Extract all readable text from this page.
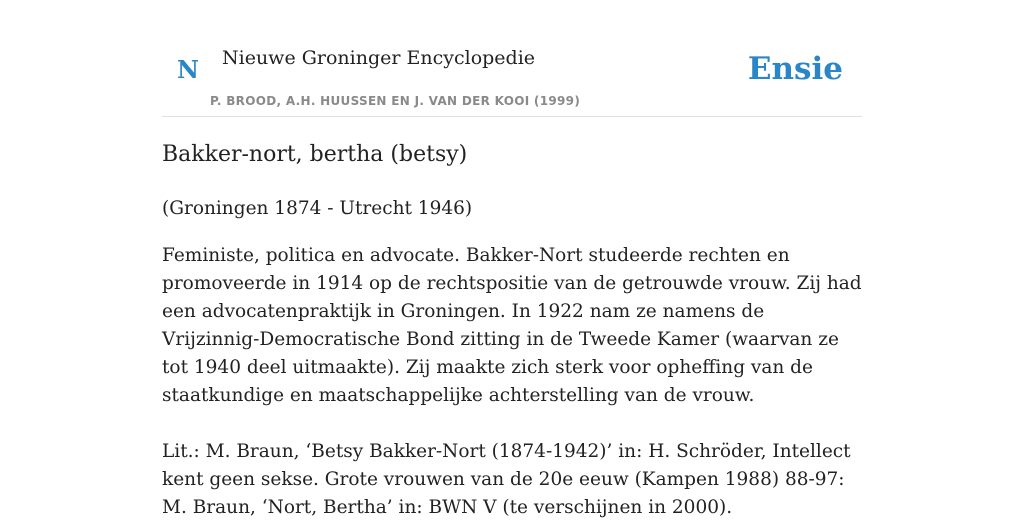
N Nieuwe Groninger Encyclopedie
P. BROOD, A.H. HUUSSEN EN J. VAN DER KOOI (1999)
Ensie
Bakker-nort, bertha (betsy)

(Groningen 1874 - Utrecht 1946)

Feministe, politica en advocate. Bakker-Nort studeerde rechten en promoveerde in 1914 op de rechtspositie van de getrouwde vrouw. Zij had een advocatenpraktijk in Groningen. In 1922 nam ze namens de Vrijzinnig-Democratische Bond zitting in de Tweede Kamer (waarvan ze tot 1940 deel uitmaakte). Zij maakte zich sterk voor opheffing van de staatkundige en maatschappelijke achterstelling van de vrouw.

Lit.: M. Braun, ‘Betsy Bakker-Nort (1874-1942)’ in: H. Schröder, Intellect kent geen sekse. Grote vrouwen van de 20e eeuw (Kampen 1988) 88-97: M. Braun, ‘Nort, Bertha’ in: BWN V (te verschijnen in 2000).
